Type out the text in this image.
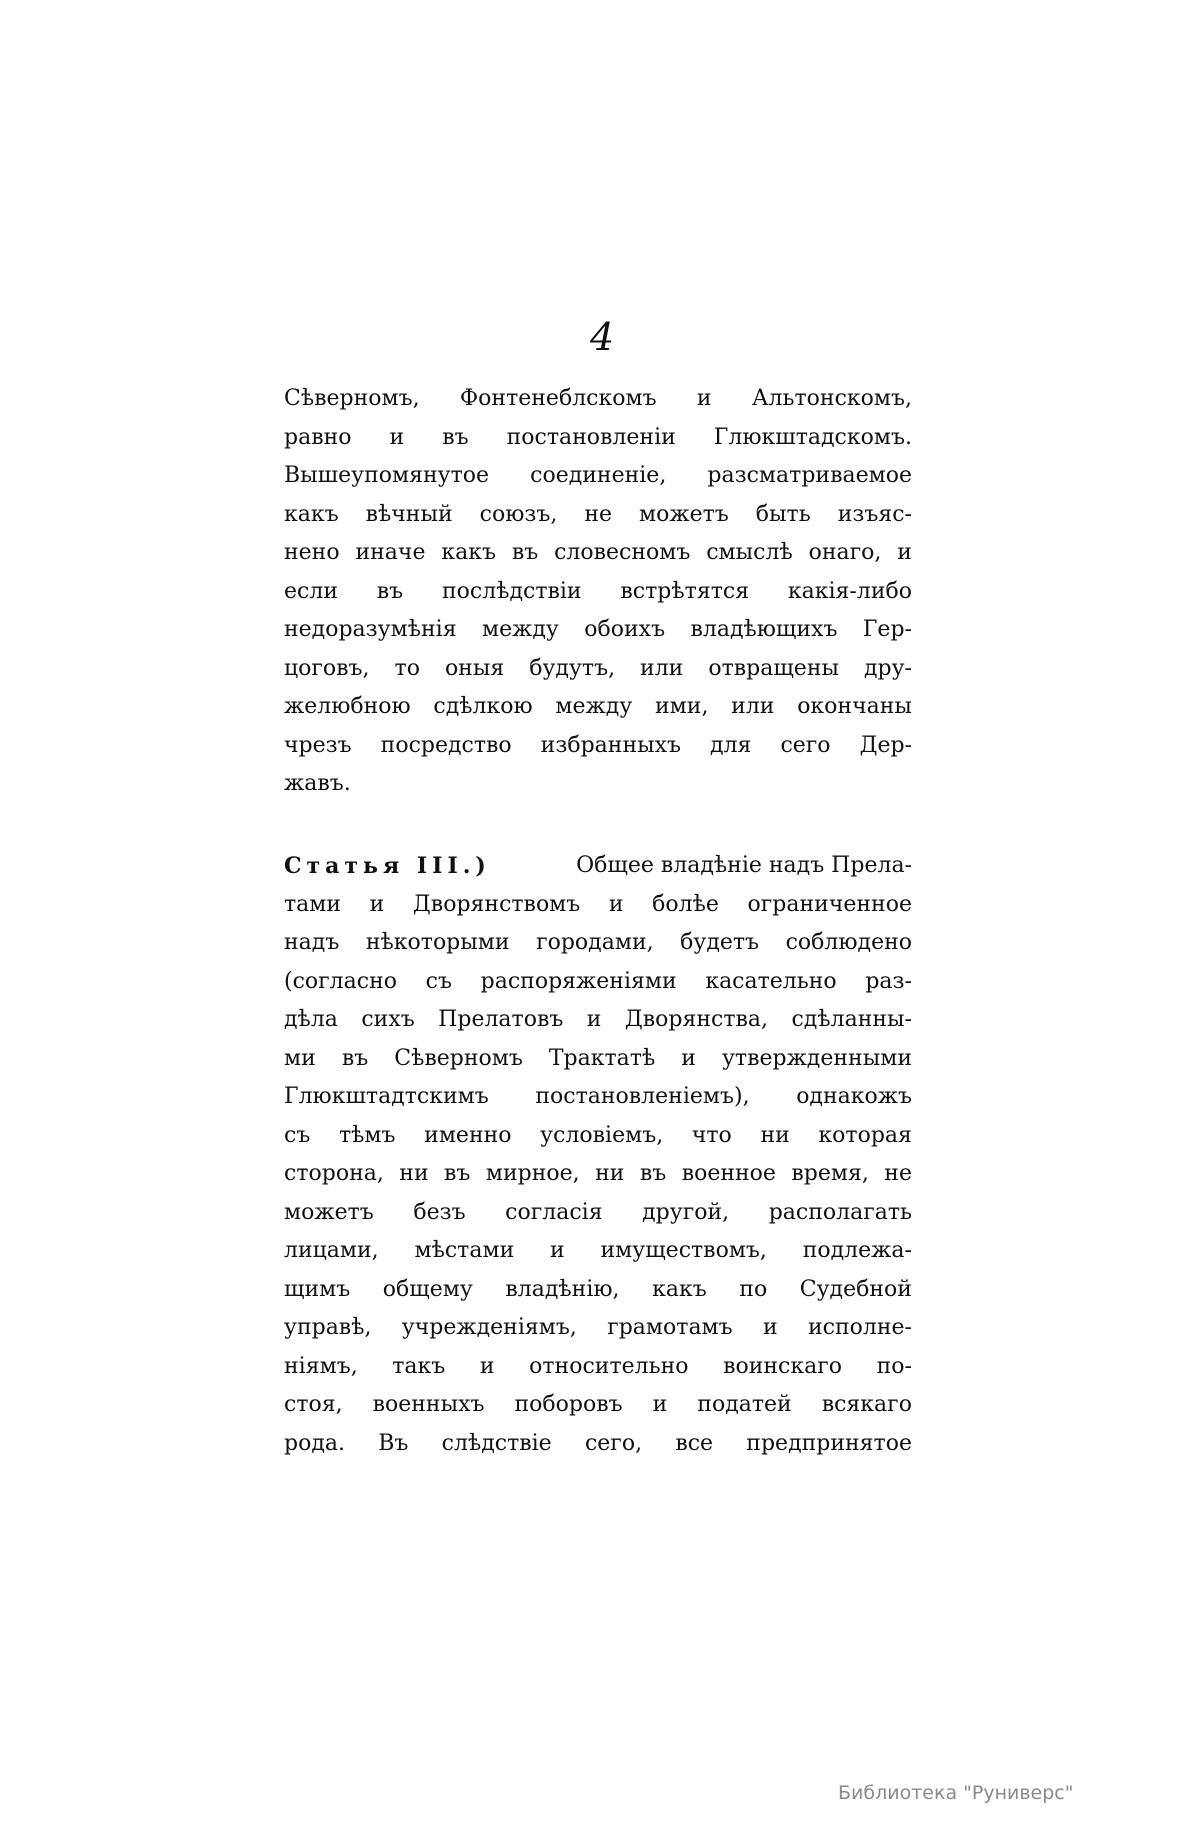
4
Сѣверномъ, Фонтенеблскомъ и Альтонскомъ,
равно и въ постановленіи Глюкштадскомъ.
Вышеупомянутое соединеніе, разсматриваемое
какъ вѣчный союзъ, не можетъ быть изъяс-
нено иначе какъ въ словесномъ смыслѣ онаго, и
если въ послѣдствіи встрѣтятся какія-либо
недоразумѣнія между обоихъ владѣющихъ Гер-
цоговъ, то оныя будутъ, или отвращены дру-
желюбною сдѣлкою между ими, или окончаны
чрезъ посредство избранныхъ для сего Дер-
жавъ.
Статья III.)	Общее владѣніе надъ Прела-
тами и Дворянствомъ и болѣе ограниченное
надъ нѣкоторыми городами, будетъ соблюдено
(согласно съ распоряженіями касательно раз-
дѣла сихъ Прелатовъ и Дворянства, сдѣланны-
ми въ Сѣверномъ Трактатѣ и утвержденными
Глюкштадтскимъ постановленіемъ), однакожъ
съ тѣмъ именно условіемъ, что ни которая
сторона, ни въ мирное, ни въ военное время, не
можетъ безъ согласія другой, располагать
лицами, мѣстами и имуществомъ, подлежа-
щимъ общему владѣнію, какъ по Судебной
управѣ, учрежденіямъ, грамотамъ и исполне-
ніямъ, такъ и относительно воинскаго по-
стоя, военныхъ поборовъ и податей всякаго
рода. Въ слѣдствіе сего, все предпринятое
Библиотека "Руниверс"
